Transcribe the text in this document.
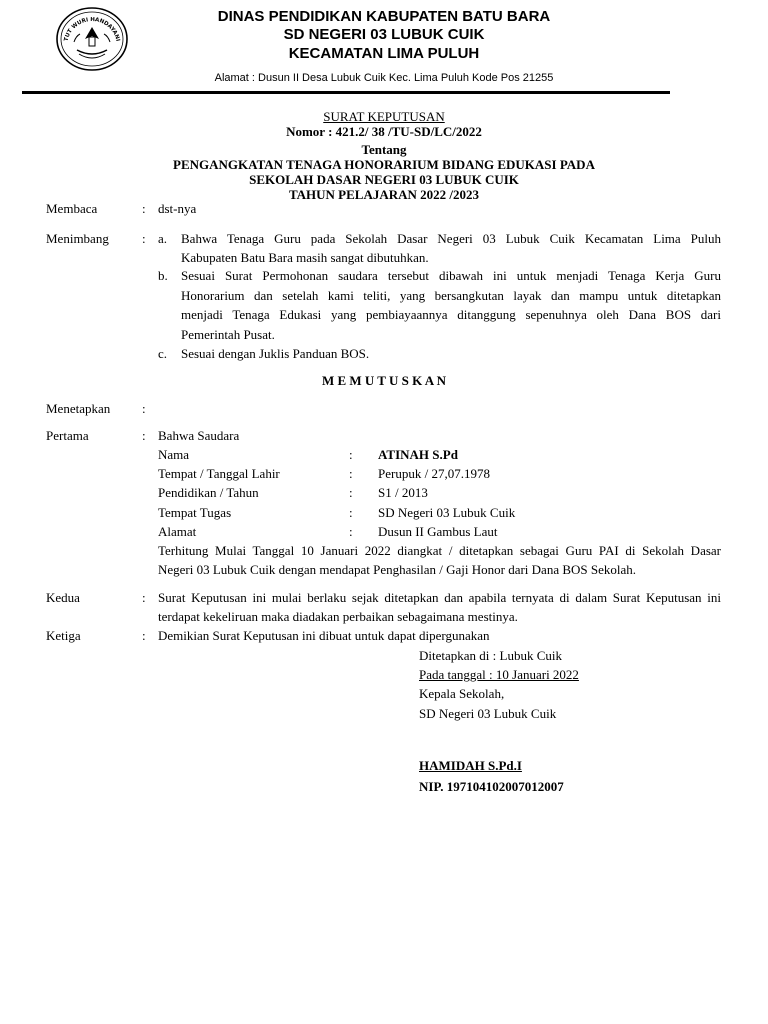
TUT WURI HANDAYANI
DINAS PENDIDIKAN KABUPATEN BATU BARA
SD NEGERI 03 LUBUK CUIK
KECAMATAN LIMA PULUH
Alamat : Dusun II Desa Lubuk Cuik Kec. Lima Puluh Kode Pos 21255
SURAT KEPUTUSAN
Nomor : 421.2/ 38 /TU-SD/LC/2022
Tentang
PENGANGKATAN TENAGA HONORARIUM BIDANG EDUKASI PADA
SEKOLAH DASAR NEGERI 03 LUBUK CUIK
TAHUN PELAJARAN 2022 /2023
Membaca	: dst-nya
Menimbang	: a. Bahwa Tenaga Guru pada Sekolah Dasar Negeri 03 Lubuk Cuik Kecamatan Lima Puluh
Kabupaten Batu Bara masih sangat dibutuhkan.
b. Sesuai Surat Permohonan saudara tersebut dibawah ini untuk menjadi Tenaga Kerja Guru
Honorarium dan setelah kami teliti, yang bersangkutan layak dan mampu untuk ditetapkan
menjadi Tenaga Edukasi yang pembiayaannya ditanggung sepenuhnya oleh Dana BOS dari
Pemerintah Pusat.
c. Sesuai dengan Juklis Panduan BOS.
M E M U T U S K A N
Menetapkan :
Pertama	: Bahwa Saudara
Nama	: ATINAH S.Pd
Tempat / Tanggal Lahir	: Perupuk / 27,07.1978
Pendidikan / Tahun	: S1 / 2013
Tempat Tugas	: SD Negeri 03 Lubuk Cuik
Alamat	: Dusun II Gambus Laut
Terhitung Mulai Tanggal 10 Januari 2022 diangkat / ditetapkan sebagai Guru PAI di Sekolah Dasar
Negeri 03 Lubuk Cuik dengan mendapat Penghasilan / Gaji Honor dari Dana BOS Sekolah.
Kedua	: Surat Keputusan ini mulai berlaku sejak ditetapkan dan apabila ternyata di dalam Surat Keputusan ini
terdapat kekeliruan maka diadakan perbaikan sebagaimana mestinya.
Ketiga	: Demikian Surat Keputusan ini dibuat untuk dapat dipergunakan
Ditetapkan di : Lubuk Cuik
Pada tanggal : 10 Januari 2022
Kepala Sekolah,
SD Negeri 03 Lubuk Cuik
HAMIDAH S.Pd.I
NIP. 197104102007012007
